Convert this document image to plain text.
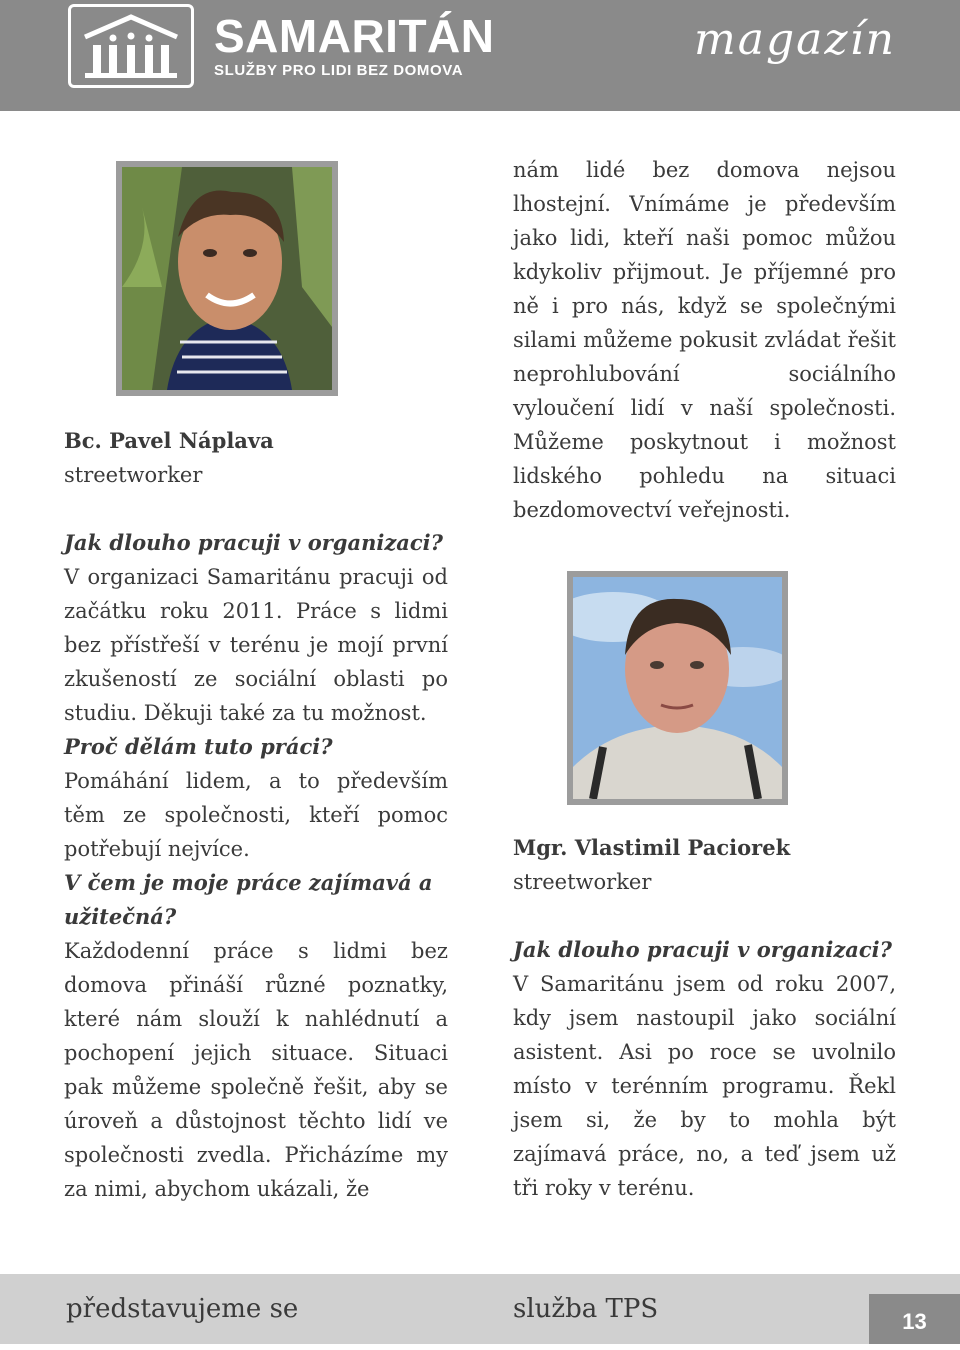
SAMARITÁN
SLUŽBY PRO LIDI BEZ DOMOVA
magazín
Bc. Pavel Náplava
streetworker
Jak dlouho pracuji v organizaci?
V organizaci Samaritánu pracuji od začátku roku 2011. Práce s lidmi bez přístřeší v terénu je mojí první zkušeností ze sociální oblasti po studiu. Děkuji také za tu možnost.
Proč dělám tuto práci?
Pomáhání lidem, a to především těm ze společnosti, kteří pomoc potřebují nejvíce.
V čem je moje práce zajímavá a užitečná?
Každodenní práce s lidmi bez domova přináší různé poznatky, které nám slouží k nahlédnutí a pochopení jejich situace. Situaci pak můžeme společně řešit, aby se úroveň a důstojnost těchto lidí ve společnosti zvedla. Přicházíme my za nimi, abychom ukázali, že
nám lidé bez domova nejsou lhostejní. Vnímáme je především jako lidi, kteří naši pomoc můžou kdykoliv přijmout. Je příjemné pro ně i pro nás, když se společnými silami můžeme pokusit zvládat řešit neprohlubování sociálního vyloučení lidí v naší společnosti. Můžeme poskytnout i možnost lidského pohledu na situaci bezdomovectví veřejnosti.
Mgr. Vlastimil Paciorek
streetworker
Jak dlouho pracuji v organizaci?
V Samaritánu jsem od roku 2007, kdy jsem nastoupil jako sociální asistent. Asi po roce se uvolnilo místo v terénním programu. Řekl jsem si, že by to mohla být zajímavá práce, no, a teď jsem už tři roky v terénu.
představujeme se	služba TPS	13
